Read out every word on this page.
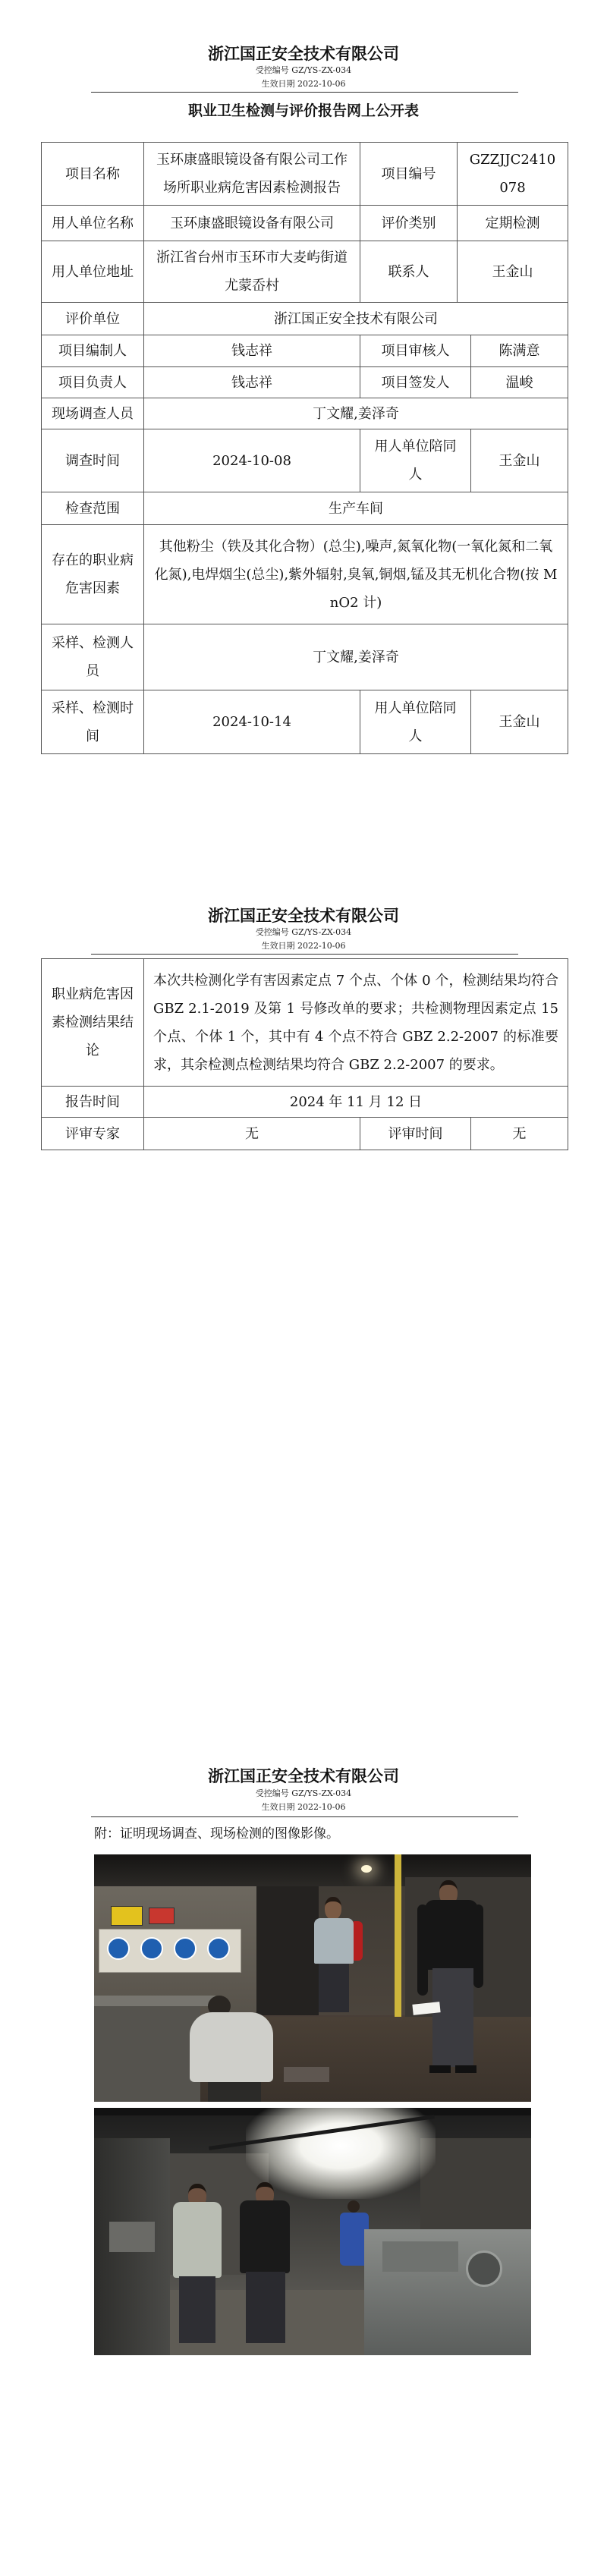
浙江国正安全技术有限公司
受控编号 GZ/YS-ZX-034
生效日期 2022-10-06
职业卫生检测与评价报告网上公开表
项目名称	玉环康盛眼镜设备有限公司工作场所职业病危害因素检测报告	项目编号	GZZJJC2410078	
用人单位名称	玉环康盛眼镜设备有限公司	评价类别	定期检测	
用人单位地址	浙江省台州市玉环市大麦屿街道尤蒙岙村	联系人	王金山	
评价单位	浙江国正安全技术有限公司			
项目编制人	钱志祥	项目审核人		陈满意
项目负责人	钱志祥	项目签发人		温峻
现场调查人员	丁文耀,姜泽奇			
调查时间	2024-10-08	用人单位陪同人		王金山
检查范围	生产车间			
存在的职业病危害因素	其他粉尘（铁及其化合物）(总尘),噪声,氮氧化物(一氧化氮和二氧化氮),电焊烟尘(总尘),紫外辐射,臭氧,铜烟,锰及其无机化合物(按 MnO2 计)			
采样、检测人员	丁文耀,姜泽奇			
采样、检测时间	2024-10-14	用人单位陪同人		王金山
浙江国正安全技术有限公司
受控编号 GZ/YS-ZX-034
生效日期 2022-10-06
职业病危害因素检测结果结论	本次共检测化学有害因素定点 7 个点、个体 0 个，检测结果均符合 GBZ 2.1-2019 及第 1 号修改单的要求；共检测物理因素定点 15 个点、个体 1 个，其中有 4 个点不符合 GBZ 2.2-2007 的标准要求，其余检测点检测结果均符合 GBZ 2.2-2007 的要求。		
报告时间	2024 年 11 月 12 日		
评审专家	无	评审时间	无
浙江国正安全技术有限公司
受控编号 GZ/YS-ZX-034
生效日期 2022-10-06
附：证明现场调查、现场检测的图像影像。
